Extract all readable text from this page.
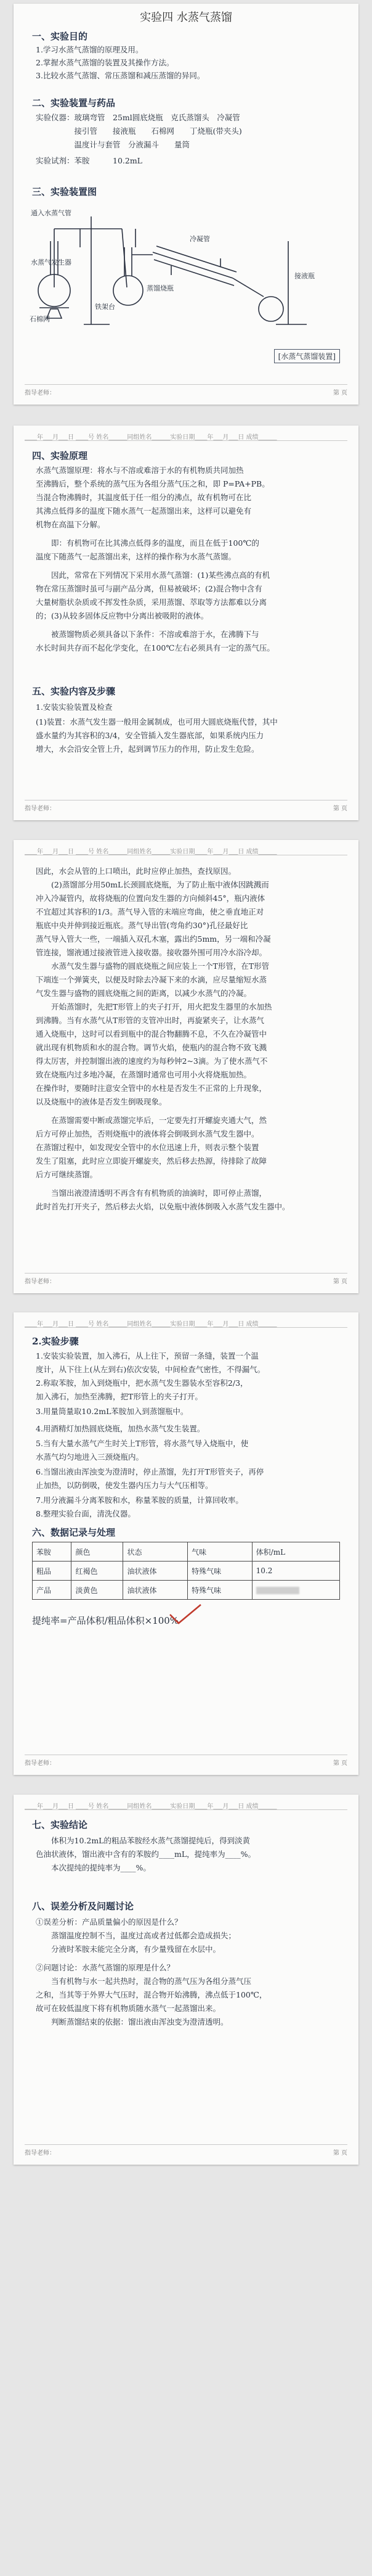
实验四 水蒸气蒸馏
一、实验目的
1.学习水蒸气蒸馏的原理及用。
2.掌握水蒸气蒸馏的装置及其操作方法。
3.比较水蒸气蒸馏、常压蒸馏和减压蒸馏的异同。
二、实验装置与药品
实验仪器：玻璃弯管　25ml圆底烧瓶　克氏蒸馏头　冷凝管
　　　　　接引管　　接液瓶　　石棉网　　丁烧瓶(带夹头)
　　　　　温度计与套管　分液漏斗　　量筒
实验试剂：苯胺　　　10.2mL
三、实验装置图
通入水蒸气管
水蒸气发生器
石棉网
铁架台
冷凝管
蒸馏烧瓶
接液瓶
[水蒸气蒸馏装置]
指导老师：	第 页
____年___月___日 ____号 姓名______同组姓名______实验日期____年___月___日 成绩______
四、实验原理
水蒸气蒸馏原理：将水与不溶或难溶于水的有机物质共同加热
至沸腾后，整个系统的蒸气压为各组分蒸气压之和，即 P=PA+PB。
当混合物沸腾时，其温度低于任一组分的沸点，故有机物可在比
其沸点低得多的温度下随水蒸气一起蒸馏出来，这样可以避免有
机物在高温下分解。
　　即：有机物可在比其沸点低得多的温度，而且在低于100℃的
温度下随蒸气一起蒸馏出来，这样的操作称为水蒸气蒸馏。
　　因此，常常在下列情况下采用水蒸气蒸馏：(1)某些沸点高的有机
物在常压蒸馏时虽可与副产品分离，但易被破坏；(2)混合物中含有
大量树脂状杂质或不挥发性杂质，采用蒸馏、萃取等方法都难以分离
的；(3)从较多固体反应物中分离出被吸附的液体。
　　被蒸馏物质必须具备以下条件：不溶或难溶于水，在沸腾下与
水长时间共存而不起化学变化，在100℃左右必须具有一定的蒸气压。
五、实验内容及步骤
1.安装实验装置及检查
(1)装置：水蒸气发生器一般用金属制成，也可用大圆底烧瓶代替，其中
盛水量约为其容积的3/4，安全管插入发生器底部，如果系统内压力
增大，水会沿安全管上升，起到调节压力的作用，防止发生危险。
指导老师：	第 页
____年___月___日 ____号 姓名______同组姓名______实验日期____年___月___日 成绩______
因此，水会从管的上口喷出，此时应停止加热，查找原因。
　　(2)蒸馏部分用50mL长颈圆底烧瓶，为了防止瓶中液体因跳溅而
冲入冷凝管内，故将烧瓶的位置向发生器的方向倾斜45°，瓶内液体
不宜超过其容积的1/3。蒸气导入管的末端应弯曲，使之垂直地正对
瓶底中央并伸到接近瓶底。蒸气导出管(弯角约30°)孔径最好比
蒸气导入管大一些，一端插入双孔木塞，露出约5mm，另一端和冷凝
管连接，馏液通过接液管进入接收器。接收器外围可用冷水浴冷却。
　　水蒸气发生器与盛物的圆底烧瓶之间应装上一个T形管，在T形管
下端连一个弹簧夹，以便及时除去冷凝下来的水滴，应尽量缩短水蒸
气发生器与盛物的圆底烧瓶之间的距离，以减少水蒸气的冷凝。
　　开始蒸馏时，先把T形管上的夹子打开，用火把发生器里的水加热
到沸腾。当有水蒸气从T形管的支管冲出时，再旋紧夹子，让水蒸气
通入烧瓶中，这时可以看到瓶中的混合物翻腾不息，不久在冷凝管中
就出现有机物质和水的混合物。调节火焰，使瓶内的混合物不致飞溅
得太厉害，并控制馏出液的速度约为每秒钟2~3滴。为了使水蒸气不
致在烧瓶内过多地冷凝，在蒸馏时通常也可用小火将烧瓶加热。
在操作时，要随时注意安全管中的水柱是否发生不正常的上升现象，
以及烧瓶中的液体是否发生倒吸现象。
　　在蒸馏需要中断或蒸馏完毕后，一定要先打开螺旋夹通大气，然
后方可停止加热，否则烧瓶中的液体将会倒吸到水蒸气发生器中。
在蒸馏过程中，如发现安全管中的水位迅速上升，则表示整个装置
发生了阻塞，此时应立即旋开螺旋夹，然后移去热源，待排除了故障
后方可继续蒸馏。
　　当馏出液澄清透明不再含有有机物质的油滴时，即可停止蒸馏，
此时首先打开夹子，然后移去火焰，以免瓶中液体倒吸入水蒸气发生器中。
指导老师：	第 页
____年___月___日 ____号 姓名______同组姓名______实验日期____年___月___日 成绩______
2.实验步骤
1.安装实验装置，加入沸石，从上往下，预留一条缝，装置一个温
度计，从下往上(从左到右)依次安装，中间检查气密性，不得漏气。
2.称取苯胺，加入到烧瓶中，把水蒸气发生器装水至容积2/3，
加入沸石，加热至沸腾，把T形管上的夹子打开。
3.用量筒量取10.2mL苯胺加入到蒸馏瓶中。
4.用酒精灯加热圆底烧瓶，加热水蒸气发生装置。
5.当有大量水蒸气产生时关上T形管，将水蒸气导入烧瓶中，使
水蒸气均匀地进入三颈烧瓶内。
6.当馏出液由浑浊变为澄清时，停止蒸馏，先打开T形管夹子，再停
止加热，以防倒吸，使发生器内压力与大气压相等。
7.用分液漏斗分离苯胺和水，称量苯胺的质量，计算回收率。
8.整理实验台面，清洗仪器。
六、数据记录与处理
苯胺	颜色	状态	气味	体积/mL
粗品	红褐色	油状液体	特殊气味	10.2
产品	淡黄色	油状液体	特殊气味	
提纯率=产品体积/粗品体积×100%
指导老师：	第 页
____年___月___日 ____号 姓名______同组姓名______实验日期____年___月___日 成绩______
七、实验结论
　　体积为10.2mL的粗品苯胺经水蒸气蒸馏提纯后，得到淡黄
色油状液体，馏出液中含有的苯胺约____mL，提纯率为____%。
　　本次提纯的提纯率为____%。
八、误差分析及问题讨论
①误差分析：产品质量偏小的原因是什么？
　　蒸馏温度控制不当，温度过高或者过低都会造成损失；
　　分液时苯胺未能完全分离，有少量残留在水层中。
②问题讨论：水蒸气蒸馏的原理是什么？
　　当有机物与水一起共热时，混合物的蒸气压为各组分蒸气压
之和，当其等于外界大气压时，混合物开始沸腾，沸点低于100℃，
故可在较低温度下将有机物质随水蒸气一起蒸馏出来。
　　判断蒸馏结束的依据：馏出液由浑浊变为澄清透明。
指导老师：	第 页
